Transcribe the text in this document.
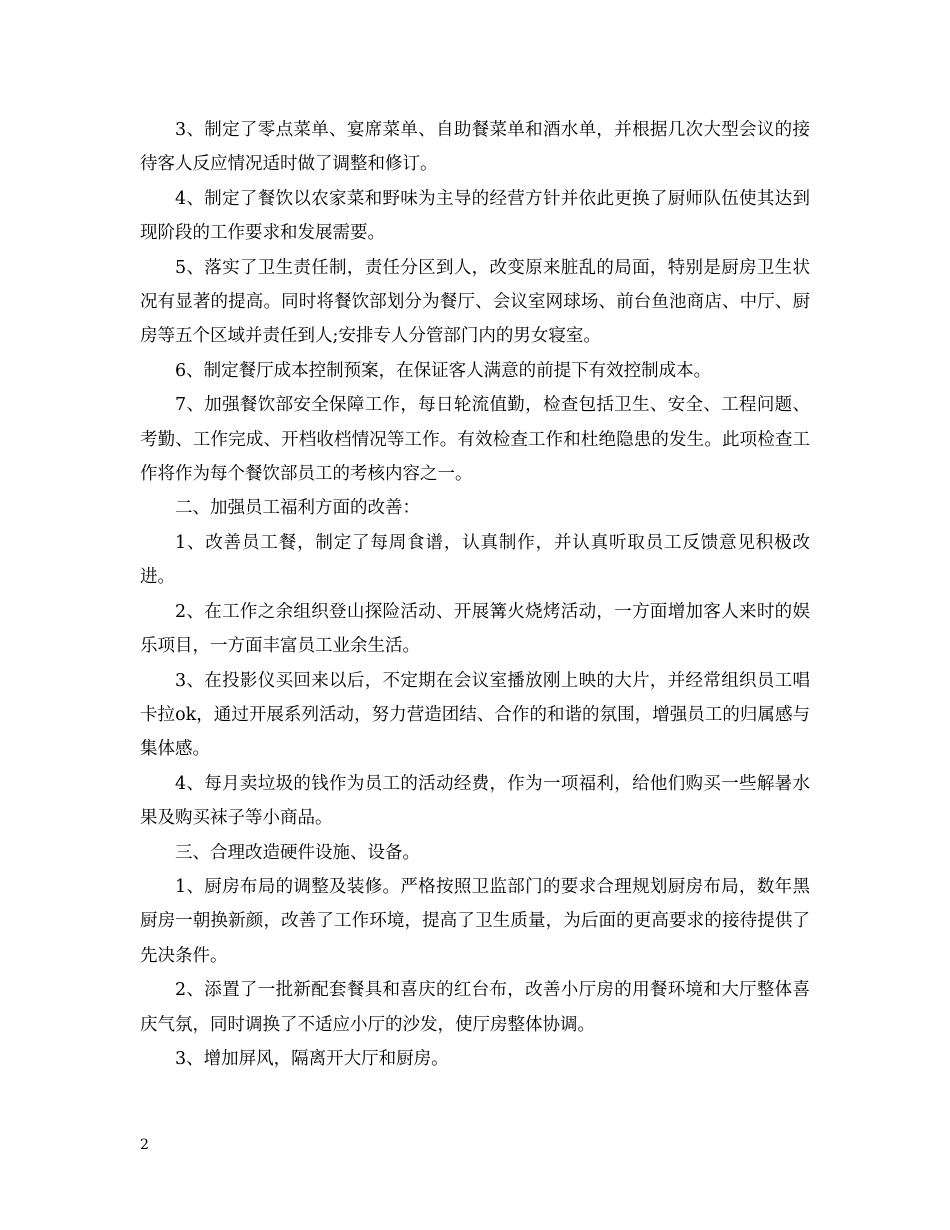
3、制定了零点菜单、宴席菜单、自助餐菜单和酒水单，并根据几次大型会议的接待客人反应情况适时做了调整和修订。

4、制定了餐饮以农家菜和野味为主导的经营方针并依此更换了厨师队伍使其达到现阶段的工作要求和发展需要。

5、落实了卫生责任制，责任分区到人，改变原来脏乱的局面，特别是厨房卫生状况有显著的提高。同时将餐饮部划分为餐厅、会议室网球场、前台鱼池商店、中厅、厨房等五个区域并责任到人;安排专人分管部门内的男女寝室。

6、制定餐厅成本控制预案，在保证客人满意的前提下有效控制成本。

7、加强餐饮部安全保障工作，每日轮流值勤，检查包括卫生、安全、工程问题、考勤、工作完成、开档收档情况等工作。有效检查工作和杜绝隐患的发生。此项检查工作将作为每个餐饮部员工的考核内容之一。

二、加强员工福利方面的改善：

1、改善员工餐，制定了每周食谱，认真制作，并认真听取员工反馈意见积极改进。

2、在工作之余组织登山探险活动、开展篝火烧烤活动，一方面增加客人来时的娱乐项目，一方面丰富员工业余生活。

3、在投影仪买回来以后，不定期在会议室播放刚上映的大片，并经常组织员工唱卡拉ok，通过开展系列活动，努力营造团结、合作的和谐的氛围，增强员工的归属感与集体感。

4、每月卖垃圾的钱作为员工的活动经费，作为一项福利，给他们购买一些解暑水果及购买袜子等小商品。

三、合理改造硬件设施、设备。

1、厨房布局的调整及装修。严格按照卫监部门的要求合理规划厨房布局，数年黑厨房一朝换新颜，改善了工作环境，提高了卫生质量，为后面的更高要求的接待提供了先决条件。

2、添置了一批新配套餐具和喜庆的红台布，改善小厅房的用餐环境和大厅整体喜庆气氛，同时调换了不适应小厅的沙发，使厅房整体协调。

3、增加屏风，隔离开大厅和厨房。

2
